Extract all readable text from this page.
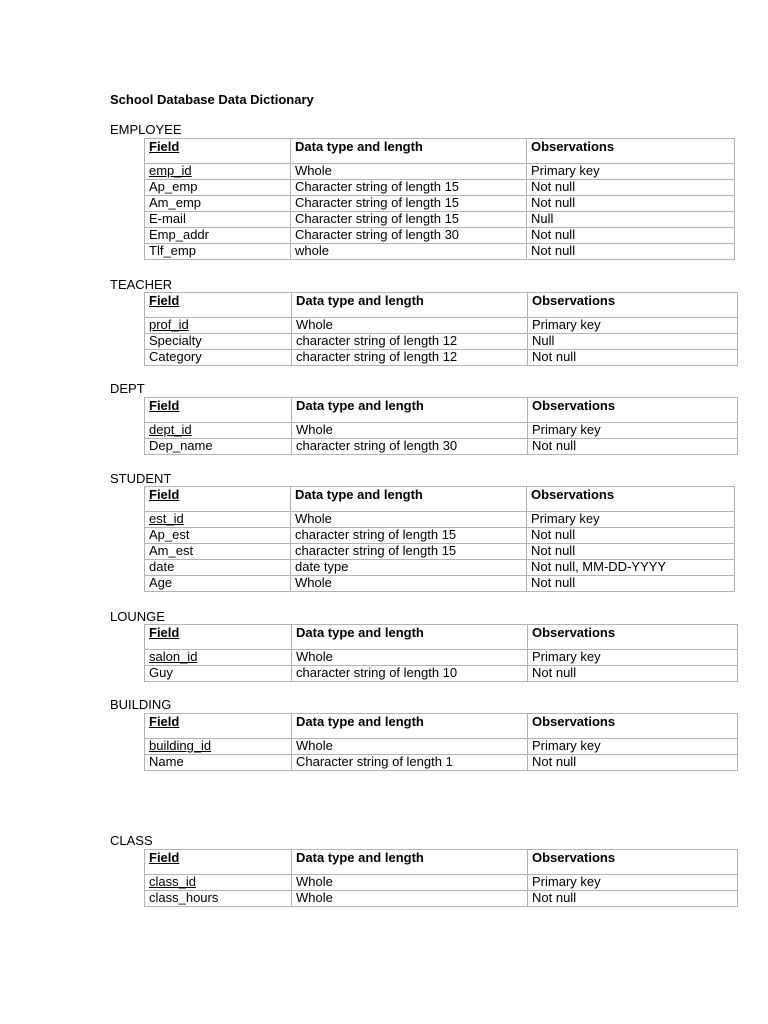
School Database Data Dictionary
EMPLOYEE
Field	Data type and length	Observations
emp_id	Whole	Primary key
Ap_emp	Character string of length 15	Not null
Am_emp	Character string of length 15	Not null
E-mail	Character string of length 15	Null
Emp_addr	Character string of length 30	Not null
Tlf_emp	whole	Not null
TEACHER
Field	Data type and length	Observations
prof_id	Whole	Primary key
Specialty	character string of length 12	Null
Category	character string of length 12	Not null
DEPT
Field	Data type and length	Observations
dept_id	Whole	Primary key
Dep_name	character string of length 30	Not null
STUDENT
Field	Data type and length	Observations
est_id	Whole	Primary key
Ap_est	character string of length 15	Not null
Am_est	character string of length 15	Not null
date	date type	Not null, MM-DD-YYYY
Age	Whole	Not null
LOUNGE
Field	Data type and length	Observations
salon_id	Whole	Primary key
Guy	character string of length 10	Not null
BUILDING
Field	Data type and length	Observations
building_id	Whole	Primary key
Name	Character string of length 1	Not null
CLASS
Field	Data type and length	Observations
class_id	Whole	Primary key
class_hours	Whole	Not null
